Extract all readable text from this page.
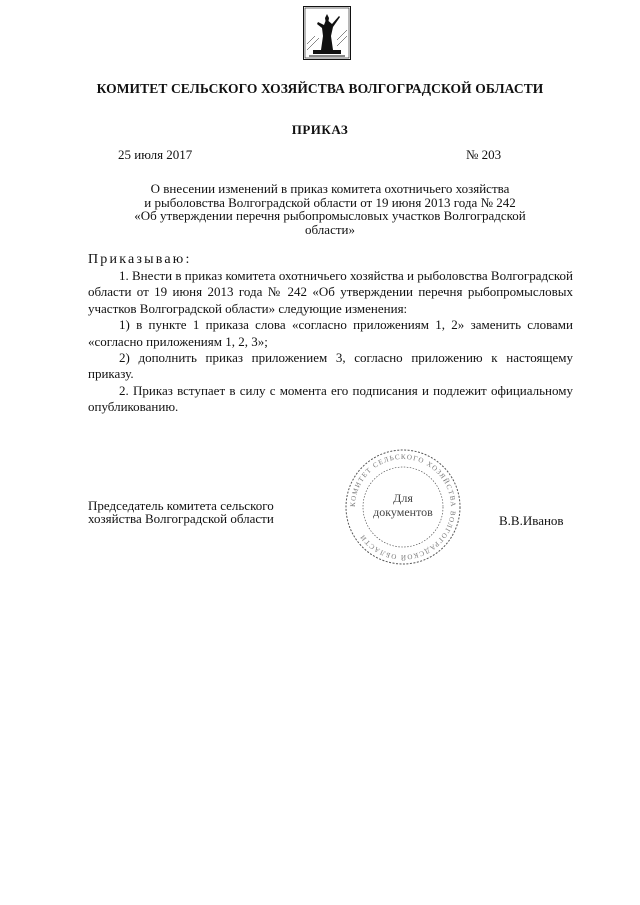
КОМИТЕТ СЕЛЬСКОГО ХОЗЯЙСТВА ВОЛГОГРАДСКОЙ ОБЛАСТИ
ПРИКАЗ
25 июля 2017	№ 203
О внесении изменений в приказ комитета охотничьего хозяйства
и рыболовства Волгоградской области от 19 июня 2013 года № 242
«Об утверждении перечня рыбопромысловых участков Волгоградской
области»
Приказываю:

1. Внести в приказ комитета охотничьего хозяйства и рыболовства Волгоградской области от 19 июня 2013 года № 242 «Об утверждении перечня рыбопромысловых участков Волгоградской области» следующие изменения:

1) в пункте 1 приказа слова «согласно приложениям 1, 2» заменить словами «согласно приложениям 1, 2, 3»;

2) дополнить приказ приложением 3, согласно приложению к настоящему приказу.

2. Приказ вступает в силу с момента его подписания и подлежит официальному опубликованию.

КОМИТЕТ СЕЛЬСКОГО ХОЗЯЙСТВА ВОЛГОГРАДСКОЙ ОБЛАСТИ
Для
документов
Председатель комитета сельского
хозяйства Волгоградской области	В.В.Иванов
